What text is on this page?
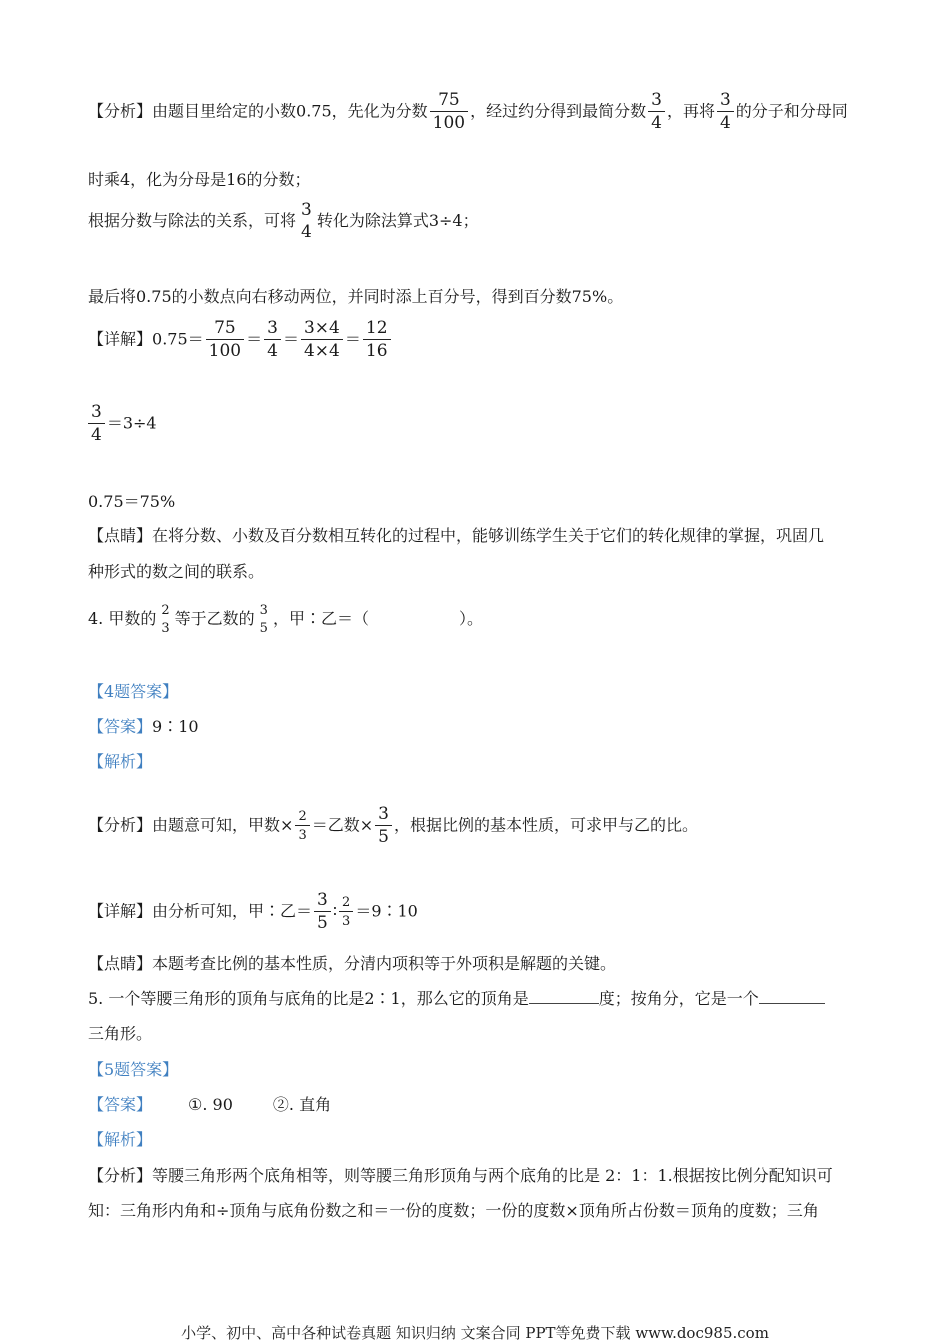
【分析】由题目里给定的小数0.75，先化为分数 $\frac{75}{100}$ ，经过约分得到最简分数 $\frac{3}{4}$ ，再将 $\frac{3}{4}$ 的分子和分母同
时乘4，化为分母是16的分数；
根据分数与除法的关系，可将
3
4
转化为除法算式3÷4；
最后将0.75的小数点向右移动两位，并同时添上百分号，得到百分数75%。
【详解】$0.75= \frac{75}{100} = \frac{3}{4} = \frac{3\times 4}{4\times 4} = \frac{12}{16}$
$\frac{3}{4} =3\div 4$
0.75＝75%
【点睛】在将分数、小数及百分数相互转化的过程中，能够训练学生关于它们的转化规律的掌握，巩固几
种形式的数之间的联系。
4. 甲数的 2
3
等于乙数的 3
5
，甲∶乙＝（	）。
【4题答案】
【答案】9∶10
【解析】
【分析】由题意可知，甲数× $\frac{2}{3}$ ＝乙数× $\frac{3}{5}$ ，根据比例的基本性质，可求甲与乙的比。
【详解】由分析可知，甲∶乙＝ $\frac{3}{5}$ ∶ $\frac{2}{3}$ ＝9∶10
【点睛】本题考查比例的基本性质，分清内项积等于外项积是解题的关键。
5. 一个等腰三角形的顶角与底角的比是2∶1，那么它的顶角是	度；按角分，它是一个
三角形。
【5题答案】
【答案】 ①. 90	②. 直角
【解析】
【分析】等腰三角形两个底角相等，则等腰三角形顶角与两个底角的比是 2：1：1.根据按比例分配知识可
知：三角形内角和÷顶角与底角份数之和＝一份的度数；一份的度数×顶角所占份数＝顶角的度数；三角
小学、初中、高中各种试卷真题 知识归纳 文案合同 PPT等免费下载 www.doc985.com
